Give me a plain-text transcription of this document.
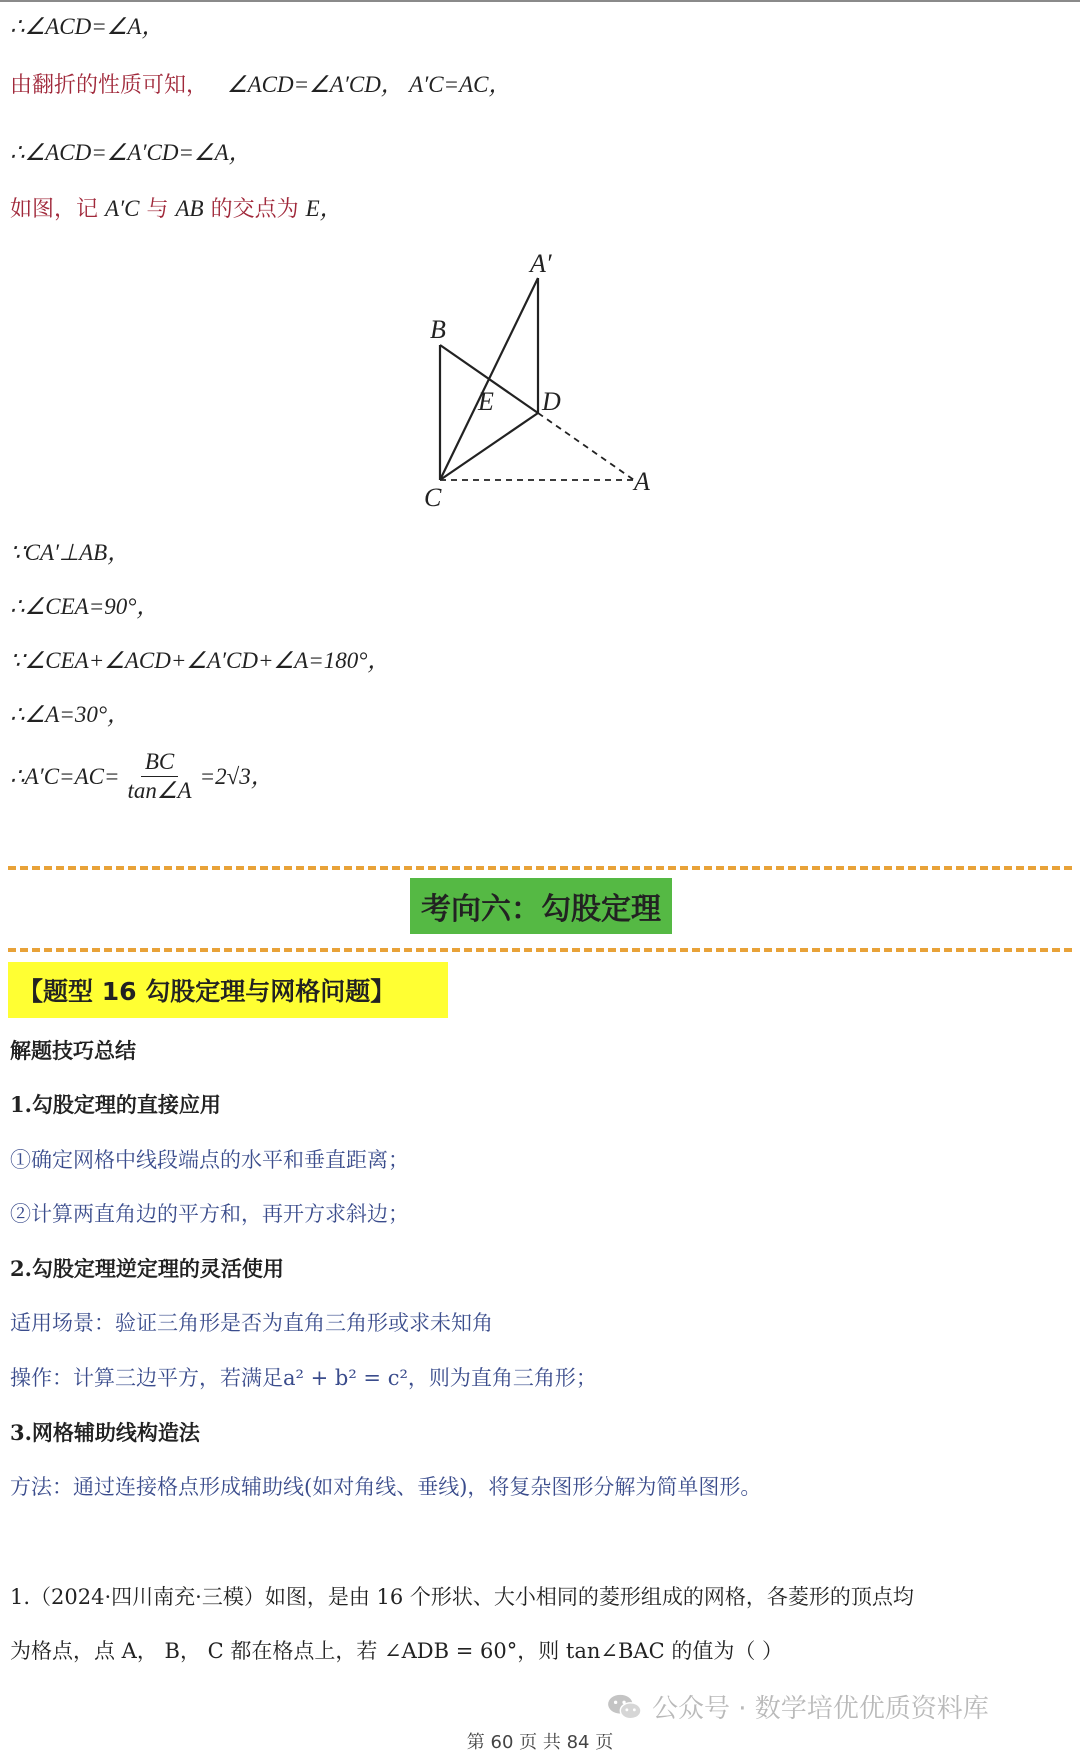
∴∠ACD=∠A，
由翻折的性质可知， ∠ACD=∠A′CD， A′C=AC，
∴∠ACD=∠A′CD=∠A，
如图，记 A′C 与 AB 的交点为 E，
A′
B
E D
C
A
∵CA′⊥AB，
∴∠CEA=90°，
∵∠CEA+∠ACD+∠A′CD+∠A=180°，
∴∠A=30°，
∴A′C=AC= $\frac{BC}{\tan\angle A} =2√3$，
考向六：勾股定理
【题型 16 勾股定理与网格问题】
解题技巧总结
1.勾股定理的直接应用
①确定网格中线段端点的水平和垂直距离；
②计算两直角边的平方和，再开方求斜边；
2.勾股定理逆定理的灵活使用
适用场景：验证三角形是否为直角三角形或求未知角
操作：计算三边平方，若满足a² + b² = c²，则为直角三角形；
3.网格辅助线构造法
方法：通过连接格点形成辅助线(如对角线、垂线)，将复杂图形分解为简单图形。
1.（2024·四川南充·三模）如图，是由 16 个形状、大小相同的菱形组成的网格，各菱形的顶点均
为格点，点 A， B， C 都在格点上，若 ∠ADB = 60°，则 tan∠BAC 的值为（ ）
公众号 · 数学培优优质资料库
第 60 页 共 84 页
